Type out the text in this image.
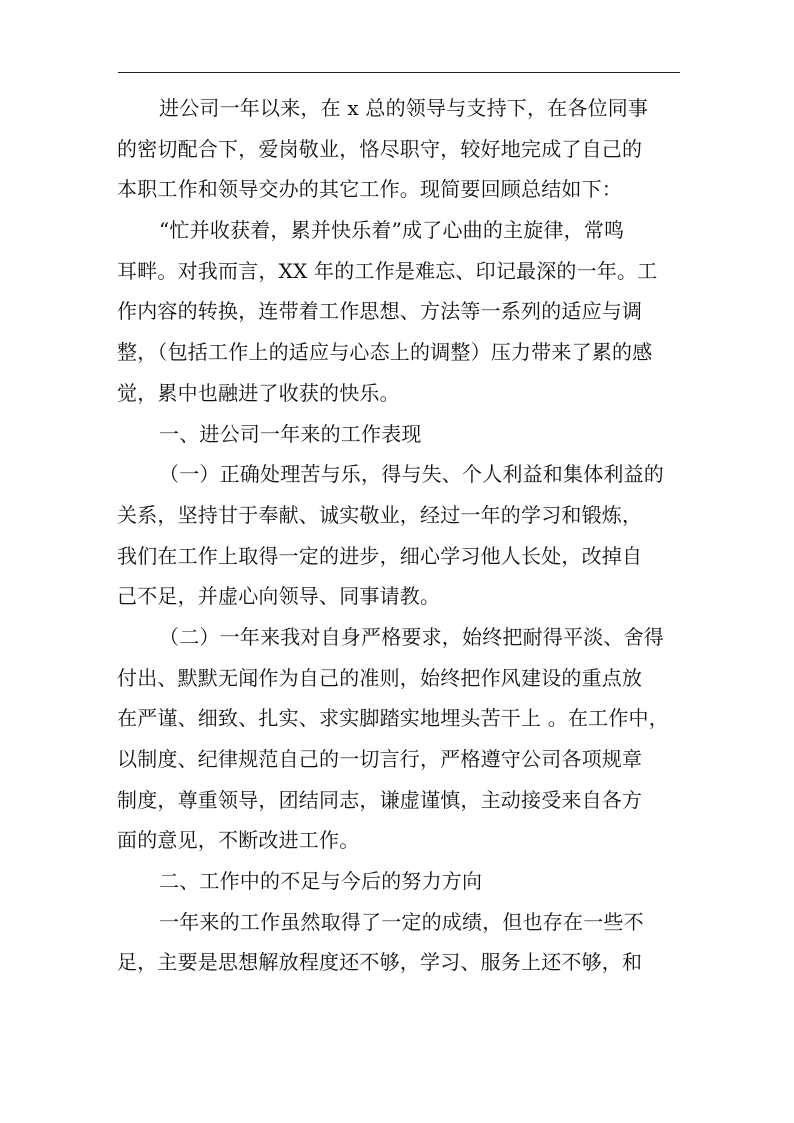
进公司一年以来，在 x 总的领导与支持下，在各位同事
的密切配合下，爱岗敬业，恪尽职守，较好地完成了自己的
本职工作和领导交办的其它工作。现简要回顾总结如下：
“忙并收获着，累并快乐着”成了心曲的主旋律，常鸣
耳畔。对我而言，XX 年的工作是难忘、印记最深的一年。工
作内容的转换，连带着工作思想、方法等一系列的适应与调
整，（包括工作上的适应与心态上的调整）压力带来了累的感
觉，累中也融进了收获的快乐。
一、进公司一年来的工作表现
（一）正确处理苦与乐，得与失、个人利益和集体利益的
关系，坚持甘于奉献、诚实敬业，经过一年的学习和锻炼，
我们在工作上取得一定的进步，细心学习他人长处，改掉自
己不足，并虚心向领导、同事请教。
（二）一年来我对自身严格要求，始终把耐得平淡、舍得
付出、默默无闻作为自己的准则，始终把作风建设的重点放
在严谨、细致、扎实、求实脚踏实地埋头苦干上 。在工作中，
以制度、纪律规范自己的一切言行，严格遵守公司各项规章
制度，尊重领导，团结同志，谦虚谨慎，主动接受来自各方
面的意见，不断改进工作。
二、工作中的不足与今后的努力方向
一年来的工作虽然取得了一定的成绩，但也存在一些不
足，主要是思想解放程度还不够，学习、服务上还不够，和
